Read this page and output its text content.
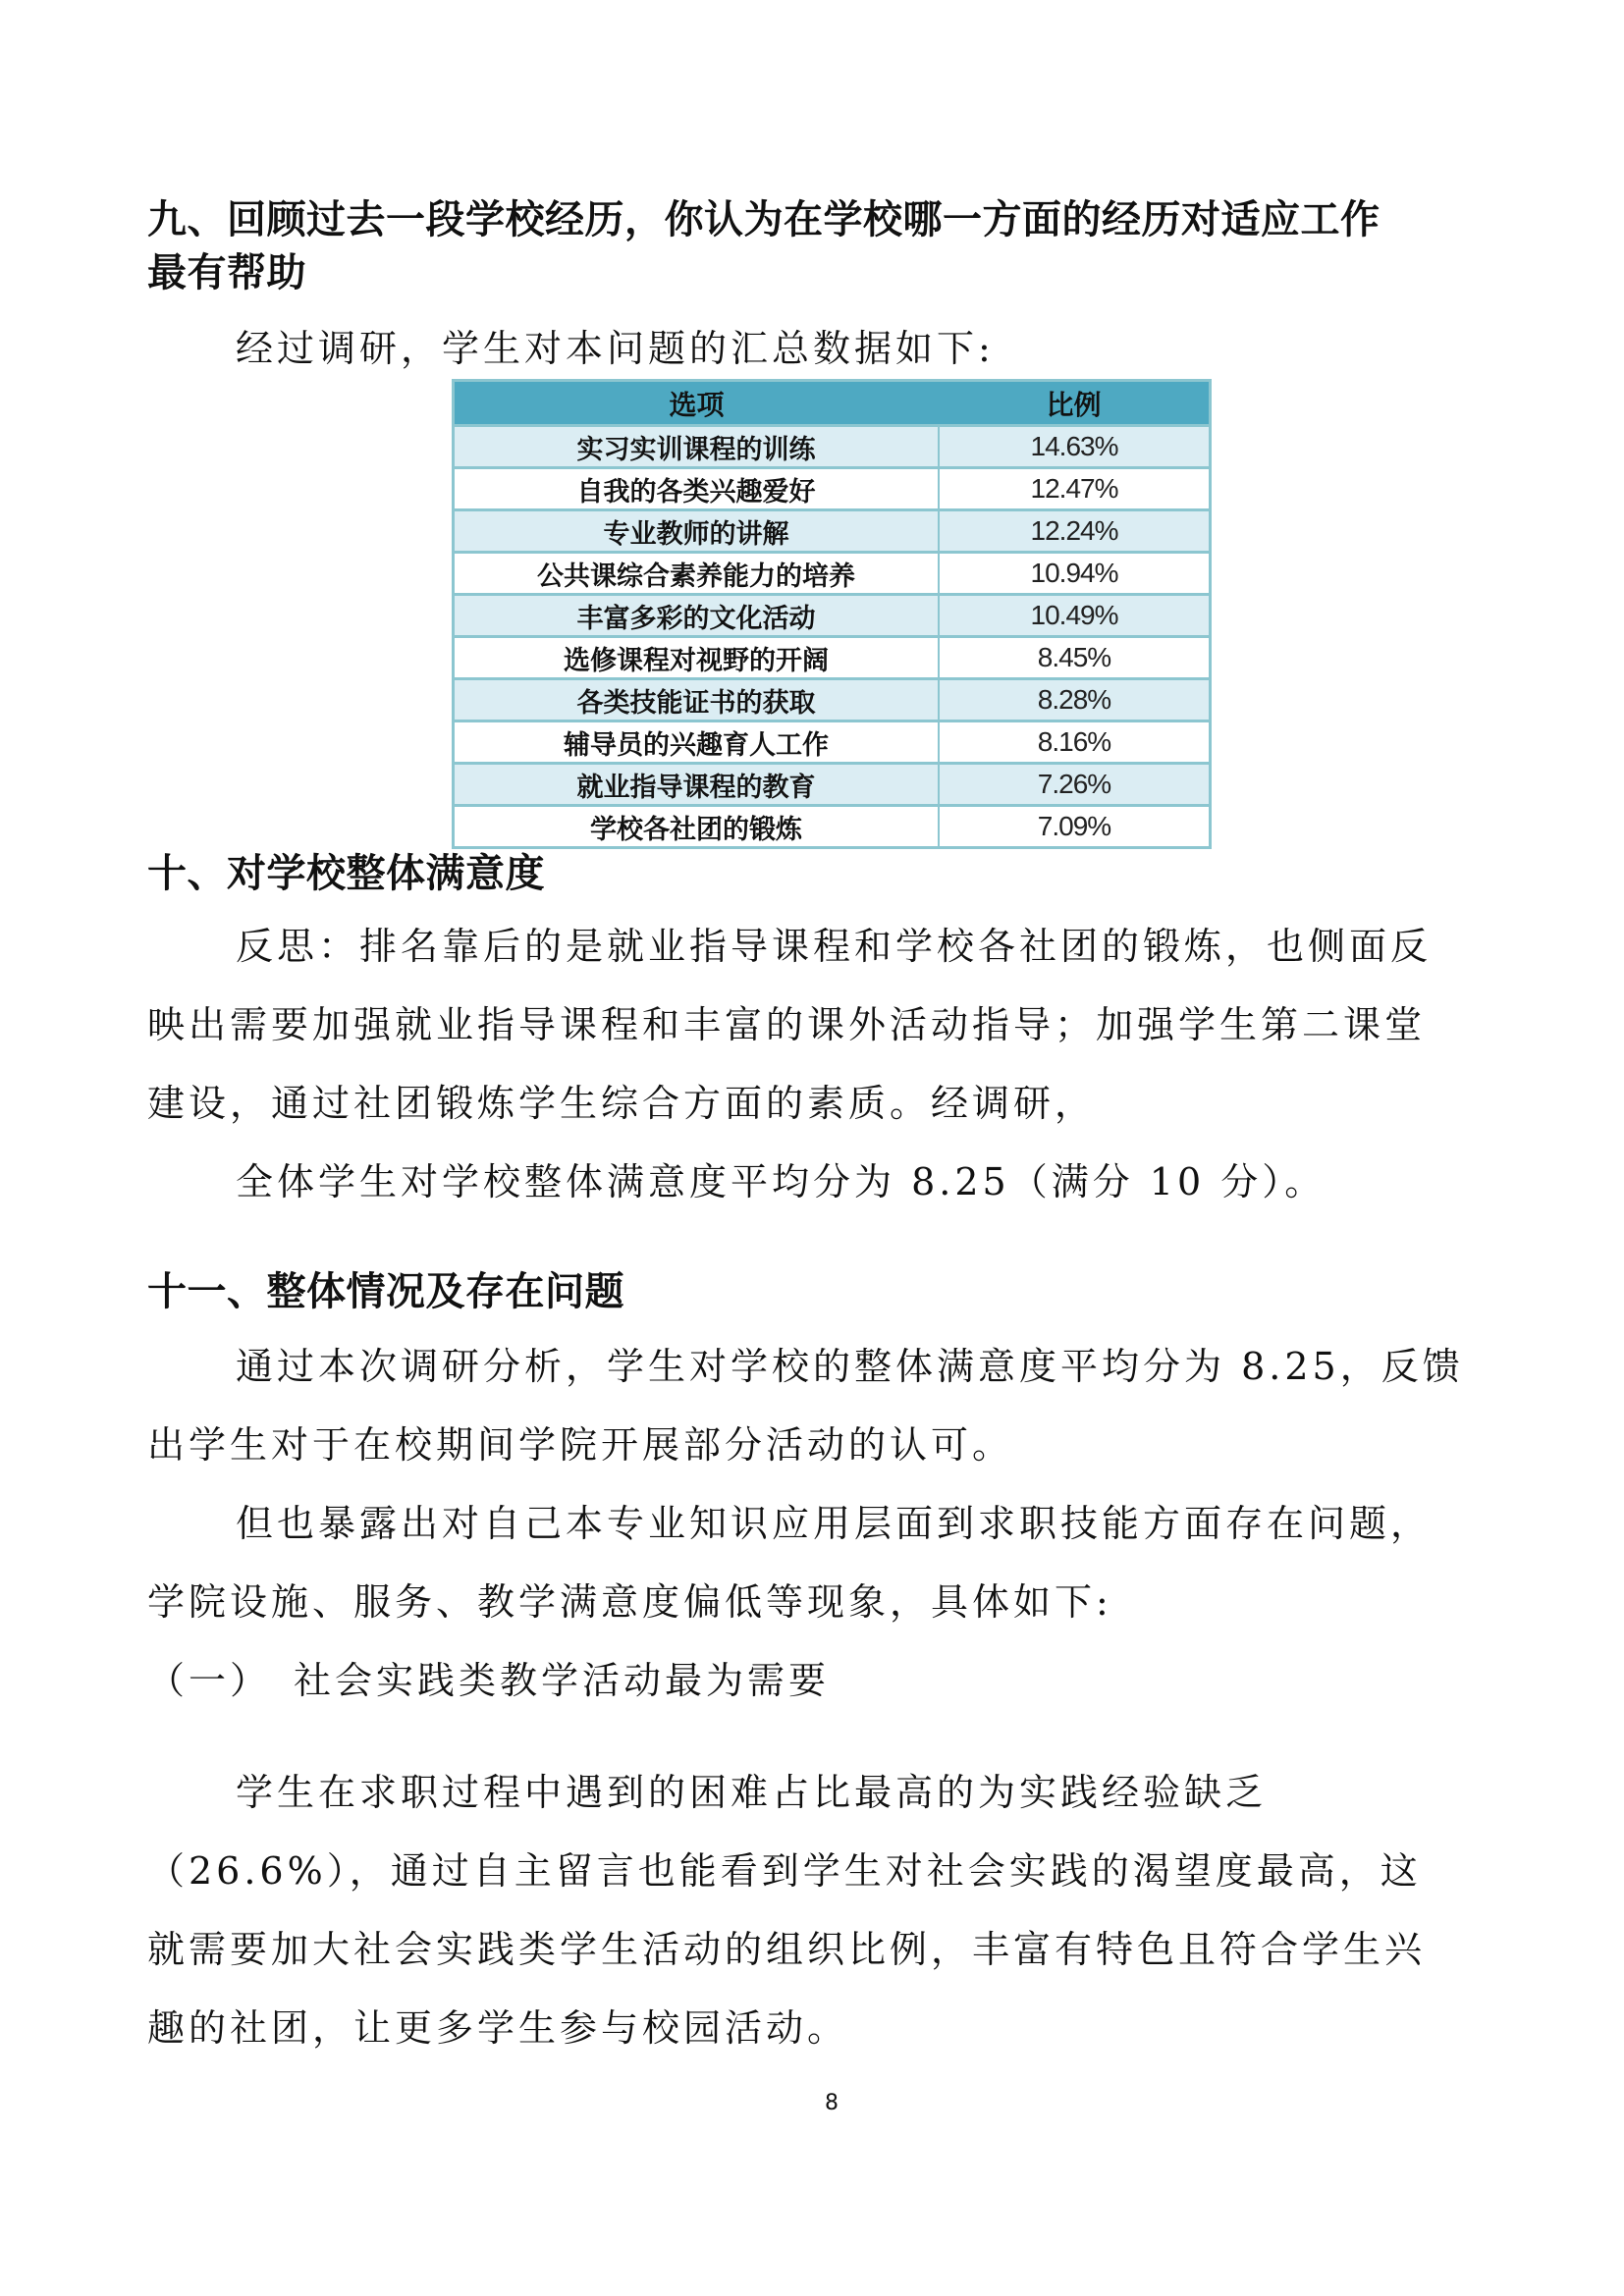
九、回顾过去一段学校经历，你认为在学校哪一方面的经历对适应工作
最有帮助
经过调研，学生对本问题的汇总数据如下:
选项	比例
实习实训课程的训练	14.63%
自我的各类兴趣爱好	12.47%
专业教师的讲解	12.24%
公共课综合素养能力的培养	10.94%
丰富多彩的文化活动	10.49%
选修课程对视野的开阔	8.45%
各类技能证书的获取	8.28%
辅导员的兴趣育人工作	8.16%
就业指导课程的教育	7.26%
学校各社团的锻炼	7.09%
十、对学校整体满意度
反思：排名靠后的是就业指导课程和学校各社团的锻炼，也侧面反
映出需要加强就业指导课程和丰富的课外活动指导；加强学生第二课堂
建设，通过社团锻炼学生综合方面的素质。经调研，
全体学生对学校整体满意度平均分为 8.25（满分 10 分）。
十一、整体情况及存在问题
通过本次调研分析，学生对学校的整体满意度平均分为 8.25，反馈
出学生对于在校期间学院开展部分活动的认可。
但也暴露出对自己本专业知识应用层面到求职技能方面存在问题，
学院设施、服务、教学满意度偏低等现象，具体如下:
（一）　社会实践类教学活动最为需要
学生在求职过程中遇到的困难占比最高的为实践经验缺乏
（26.6%），通过自主留言也能看到学生对社会实践的渴望度最高，这
就需要加大社会实践类学生活动的组织比例，丰富有特色且符合学生兴
趣的社团，让更多学生参与校园活动。
8
